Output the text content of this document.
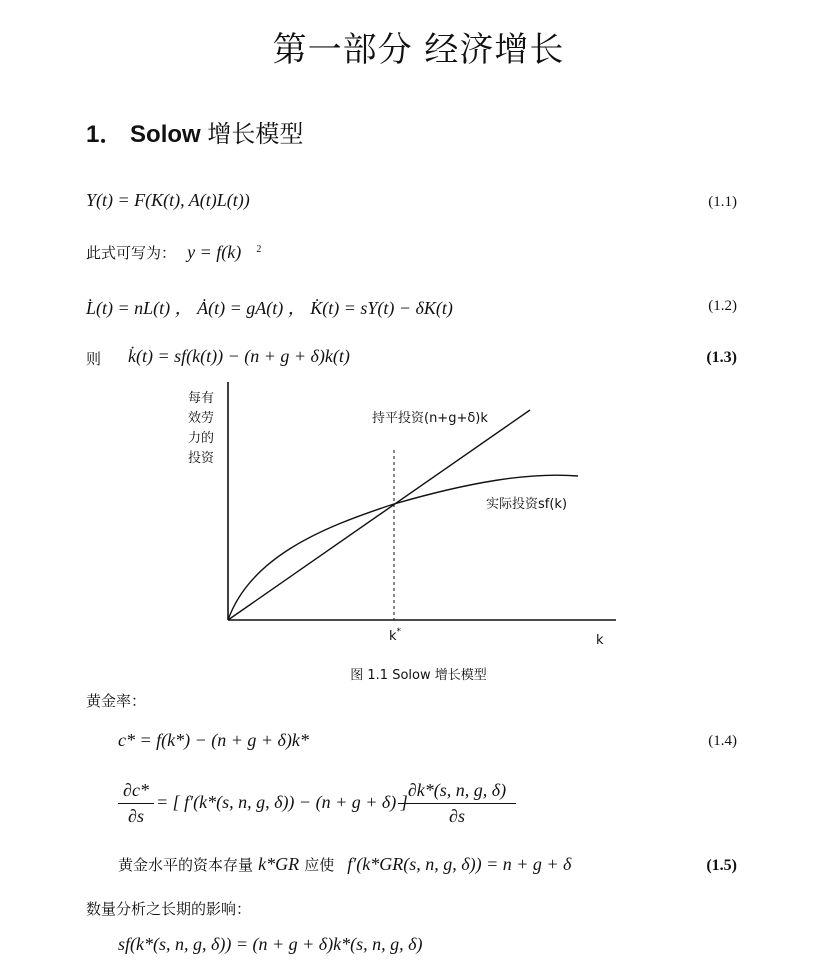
第一部分 经济增长
1． Solow 增长模型
Y(t) = F(K(t), A(t)L(t))	(1.1)
此式可写为： y = f(k) $^2$
L̇(t) = nL(t) ， Ȧ(t) = gA(t) ， K̇(t) = sY(t) − δK(t)	(1.2)
则 k̇(t) = sf(k(t)) − (n + g + δ)k(t)	(1.3)
每有
效劳
力的
投资
持平投资(n+g+δ)k
实际投资sf(k)
k*
k
图 1.1 Solow 增长模型
黄金率：
c* = f(k*) − (n + g + δ)k*	(1.4)
∂c*
∂s
= [ f′(k*(s, n, g, δ)) − (n + g + δ) ]
∂k*(s, n, g, δ)
∂s
黄金水平的资本存量 k*GR 应使 f′(k*GR(s, n, g, δ)) = n + g + δ	(1.5)
数量分析之长期的影响：
sf(k*(s, n, g, δ)) = (n + g + δ)k*(s, n, g, δ)
